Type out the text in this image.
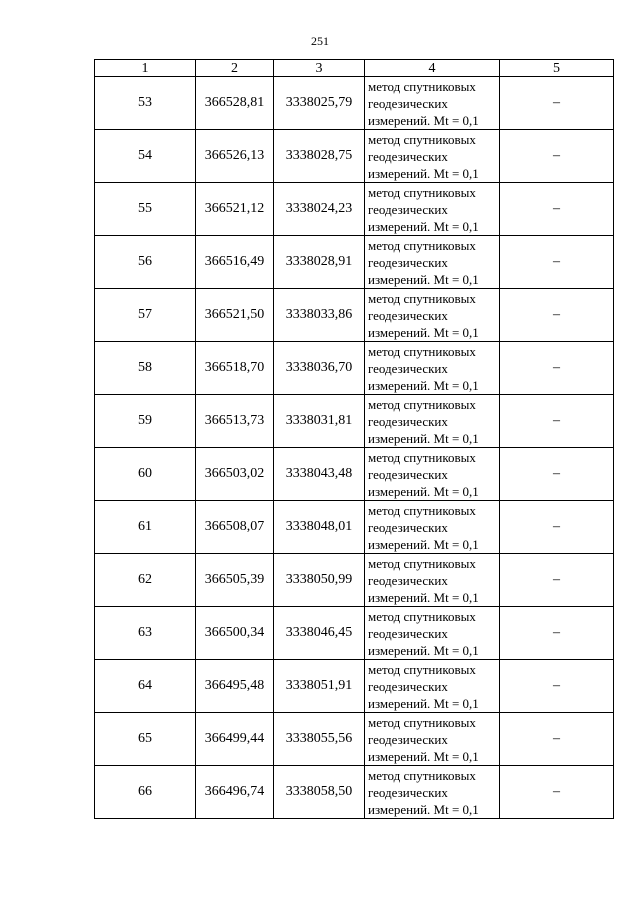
251
1	2	3	4	5
53	366528,81	3338025,79	метод спутниковых
геодезических
измерений. Mt = 0,1	–
54	366526,13	3338028,75	метод спутниковых
геодезических
измерений. Mt = 0,1	–
55	366521,12	3338024,23	метод спутниковых
геодезических
измерений. Mt = 0,1	–
56	366516,49	3338028,91	метод спутниковых
геодезических
измерений. Mt = 0,1	–
57	366521,50	3338033,86	метод спутниковых
геодезических
измерений. Mt = 0,1	–
58	366518,70	3338036,70	метод спутниковых
геодезических
измерений. Mt = 0,1	–
59	366513,73	3338031,81	метод спутниковых
геодезических
измерений. Mt = 0,1	–
60	366503,02	3338043,48	метод спутниковых
геодезических
измерений. Mt = 0,1	–
61	366508,07	3338048,01	метод спутниковых
геодезических
измерений. Mt = 0,1	–
62	366505,39	3338050,99	метод спутниковых
геодезических
измерений. Mt = 0,1	–
63	366500,34	3338046,45	метод спутниковых
геодезических
измерений. Mt = 0,1	–
64	366495,48	3338051,91	метод спутниковых
геодезических
измерений. Mt = 0,1	–
65	366499,44	3338055,56	метод спутниковых
геодезических
измерений. Mt = 0,1	–
66	366496,74	3338058,50	метод спутниковых
геодезических
измерений. Mt = 0,1	–
